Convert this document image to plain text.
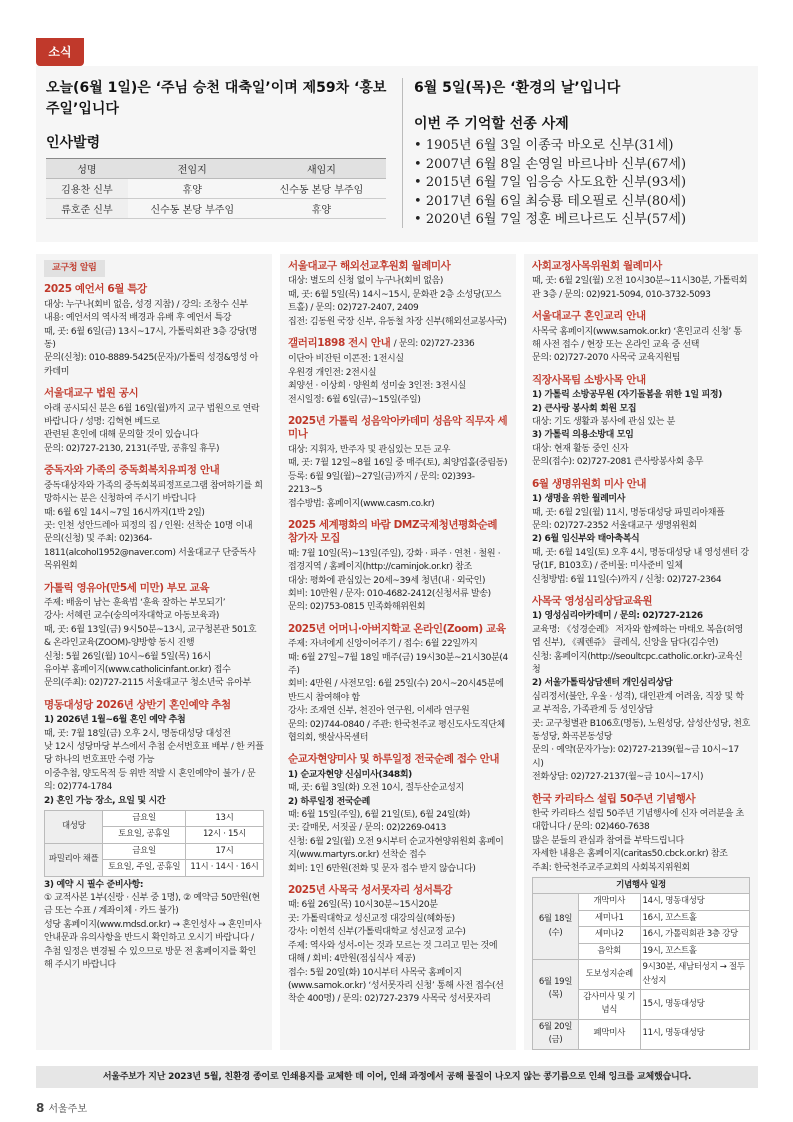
소식
오늘(6월 1일)은 ‘주님 승천 대축일’이며 제59차 ‘홍보 주일’입니다
인사발령
성명	전임지	새임지
김용찬 신부	휴양	신수동 본당 부주임
류호준 신부	신수동 본당 부주임	휴양
6월 5일(목)은 ‘환경의 날’입니다
이번 주 기억할 선종 사제
• 1905년 6월 3일 이종국 바오로 신부(31세)
• 2007년 6월 8일 손영일 바르나바 신부(67세)
• 2015년 6월 7일 임응승 사도요한 신부(93세)
• 2017년 6월 6일 최승룡 테오필로 신부(80세)
• 2020년 6월 7일 정훈 베르나르도 신부(57세)
교구청 알림
2025 예언서 6월 특강

대상: 누구나(회비 없음, 성경 지참) / 강의: 조창수 신부

내용: 예언서의 역사적 배경과 유배 후 예언서 특강

때, 곳: 6월 6일(금) 13시~17시, 가톨릭회관 3층 강당(명동)

문의(신청): 010-8889-5425(문자)/가톨릭 성경&영성 아카데미

서울대교구 법원 공시

아래 공시되신 분은 6월 16일(월)까지 교구 법원으로 연락바랍니다 / 성명: 김혁현 베드로

관련된 혼인에 대해 문의할 것이 있습니다

문의: 02)727-2130, 2131(주말, 공휴일 휴무)

중독자와 가족의 중독회복치유피정 안내

중독대상자와 가족의 중독회복피정프로그램 참여하기를 희망하시는 분은 신청하여 주시기 바랍니다

때: 6월 6일 14시~7일 16시까지(1박 2일)

곳: 인천 성안드레아 피정의 집 / 인원: 선착순 10명 이내

문의(신청) 및 주최: 02)364-1811(alcohol1952@naver.com) 서울대교구 단중독사목위원회

가톨릭 영유아(만5세 미만) 부모 교육

주제: 배움이 남는 훈육법 ‘훈육 잘하는 부모되기’

강사: 서혜린 교수(숭의여자대학교 아동보육과)

때, 곳: 6월 13일(금) 9시50분~13시, 교구청본관 501호 & 온라인교육(ZOOM)-양방향 동시 진행

신청: 5월 26일(월) 10시~6월 5일(목) 16시

유아부 홈페이지(www.catholicinfant.or.kr) 접수

문의(주최): 02)727-2115 서울대교구 청소년국 유아부

명동대성당 2026년 상반기 혼인예약 추첨

1) 2026년 1월~6월 혼인 예약 추첨

때, 곳: 7월 18일(금) 오후 2시, 명동대성당 대성전

낮 12시 성당마당 부스에서 추첨 순서번호표 배부 / 한 커플당 하나의 번호표만 수령 가능

이중추첨, 양도목적 등 위반 적발 시 혼인예약이 불가 / 문의: 02)774-1784

2) 혼인 가능 장소, 요일 및 시간

대성당	금요일	13시
	토요일, 공휴일	12시 · 15시
파밀리아 채플	금요일	17시
	토요일, 주일, 공휴일	11시 · 14시 · 16시

3) 예약 시 필수 준비사항:

① 교적사본 1부(신랑 · 신부 중 1명), ② 예약금 50만원(현금 또는 수표 / 계좌이체 · 카드 불가)

성당 홈페이지(www.mdsd.or.kr) → 혼인성사 → 혼인미사 안내문과 유의사항을 반드시 확인하고 오시기 바랍니다 / 추첨 일정은 변경될 수 있으므로 방문 전 홈페이지를 확인해 주시기 바랍니다

서울대교구 해외선교후원회 월례미사

대상: 별도의 신청 없이 누구나(회비 없음)

때, 곳: 6월 5일(목) 14시~15시, 문화관 2층 소성당(꼬스트홀) / 문의: 02)727-2407, 2409

집전: 김동원 국장 신부, 유동철 차장 신부(해외선교봉사국)

갤러리1898 전시 안내 / 문의: 02)727-2336

이단아 비잔틴 이콘전: 1전시실

우원경 개인전: 2전시실

최양선 · 이상희 · 양원희 성미술 3인전: 3전시실

전시일정: 6월 6일(금)~15일(주일)

2025년 가톨릭 성음악아카데미 성음악 직무자 세미나

대상: 지휘자, 반주자 및 관심있는 모든 교우

때, 곳: 7월 12일~8월 16일 중 매주(토), 최양업홀(중림동)

등록: 6월 9일(월)~27일(금)까지 / 문의: 02)393-2213~5

접수방법: 홈페이지(www.casm.co.kr)

2025 세계평화의 바람 DMZ국제청년평화순례 참가자 모집

때: 7월 10일(목)~13일(주일), 강화 · 파주 · 연천 · 철원 · 접경지역 / 홈페이지(http://caminjok.or.kr) 참조

대상: 평화에 관심있는 20세~39세 청년(내 · 외국인)

회비: 10만원 / 문자: 010-4682-2412(신청서류 발송)

문의: 02)753-0815 민족화해위원회

2025년 어머니·아버지학교 온라인(Zoom) 교육

주제: 자녀에게 신앙이어주기 / 접수: 6월 22일까지

때: 6월 27일~7월 18일 매주(금) 19시30분~21시30분(4주)

회비: 4만원 / 사전모임: 6월 25일(수) 20시~20시45분에 반드시 참여해야 함

강사: 조재연 신부, 천진아 연구원, 이세라 연구원

문의: 02)744-0840 / 주관: 한국천주교 평신도사도직단체협의회, 햇살사목센터

순교자현양미사 및 하루일정 전국순례 접수 안내

1) 순교자현양 신심미사(348회)

때, 곳: 6월 3일(화) 오전 10시, 절두산순교성지

2) 하루일정 전국순례

때: 6월 15일(주일), 6월 21일(토), 6월 24일(화)

곳: 갈매못, 서짓골 / 문의: 02)2269-0413

신청: 6월 2일(월) 오전 9시부터 순교자현양위원회 홈페이지(www.martyrs.or.kr) 선착순 접수

회비: 1인 6만원(전화 및 문자 접수 받지 않습니다)

2025년 사목국 성서못자리 성서특강

때: 6월 26일(목) 10시30분~15시20분

곳: 가톨릭대학교 성신교정 대강의실(혜화동)

강사: 이헌석 신부(가톨릭대학교 성신교정 교수)

주제: 역사와 성서-이는 것과 모르는 것 그리고 믿는 것에 대해 / 회비: 4만원(점심식사 제공)

접수: 5월 20일(화) 10시부터 사목국 홈페이지(www.samok.or.kr) ‘성서못자리 신청’ 통해 사전 접수(선착순 400명) / 문의: 02)727-2379 사목국 성서못자리

사회교정사목위원회 월례미사

때, 곳: 6월 2일(월) 오전 10시30분~11시30분, 가톨릭회관 3층 / 문의: 02)921-5094, 010-3732-5093

서울대교구 혼인교리 안내

사목국 홈페이지(www.samok.or.kr) ‘혼인교리 신청’ 통해 사전 접수 / 현장 또는 온라인 교육 중 선택

문의: 02)727-2070 사목국 교육지원팀

직장사목팀 소방사목 안내

1) 가톨릭 소방공무원 (자기돌봄을 위한 1일 피정)

2) 큰사랑 봉사회 회원 모집

대상: 기도 생활과 봉사에 관심 있는 분

3) 가톨릭 의용소방대 모임

대상: 현재 활동 중인 신자

문의(접수): 02)727-2081 큰사랑봉사회 총무

6월 생명위원회 미사 안내

1) 생명을 위한 월례미사

때, 곳: 6월 2일(월) 11시, 명동대성당 파밀리아채플

문의: 02)727-2352 서울대교구 생명위원회

2) 6월 임신부와 태아축복식

때, 곳: 6월 14일(토) 오후 4시, 명동대성당 내 영성센터 강당(1F, B103호) / 준비물: 미사준비 일체

신청방법: 6월 11일(수)까지 / 신청: 02)727-2364

사목국 영성심리상담교육원

1) 영성심리아카데미 / 문의: 02)727-2126

교육명: 《성경순례》 저자와 함께하는 마태오 복음(허영엽 신부), 《퀘렌쥬》 클레식, 신앙을 답다(김수연)

신청: 홈페이지(http://seoultcpc.catholic.or.kr)-교육신청

2) 서울가톨릭상담센터 개인심리상담

심리정서(불안, 우울 · 성격), 대인관계 어려움, 직장 및 학교 부적응, 가족관계 등 성인상담

곳: 교구청별관 B106호(명동), 노원성당, 삼성산성당, 천호동성당, 화곡본동성당

문의 · 예약(문자가능): 02)727-2139(월~금 10시~17시)

전화상담: 02)727-2137(월~금 10시~17시)

한국 카리타스 설립 50주년 기념행사

한국 카리타스 설립 50주년 기념행사에 신자 여러분을 초대합니다 / 문의: 02)460-7638

많은 분들의 관심과 참여를 부탁드립니다

자세한 내용은 홈페이지(caritas50.cbck.or.kr) 참조

주최: 한국천주교주교회의 사회복지위원회

기념행사 일정		
6월 18일(수)	개막미사	14시, 명동대성당
	세미나1	16시, 꼬스트홀
	세미나2	16시, 가톨릭회관 3층 강당
	음악회	19시, 꼬스트홀
6월 19일(목)	도보성지순례	9시30분, 새남터성지 → 절두산성지
	감사미사 및 기념식	15시, 명동대성당
6월 20일(금)	폐막미사	11시, 명동대성당
서울주보가 지난 2023년 5월, 친환경 종이로 인쇄용지를 교체한 데 이어, 인쇄 과정에서 공해 물질이 나오지 않는 콩기름으로 인쇄 잉크를 교체했습니다.
8 서울주보
